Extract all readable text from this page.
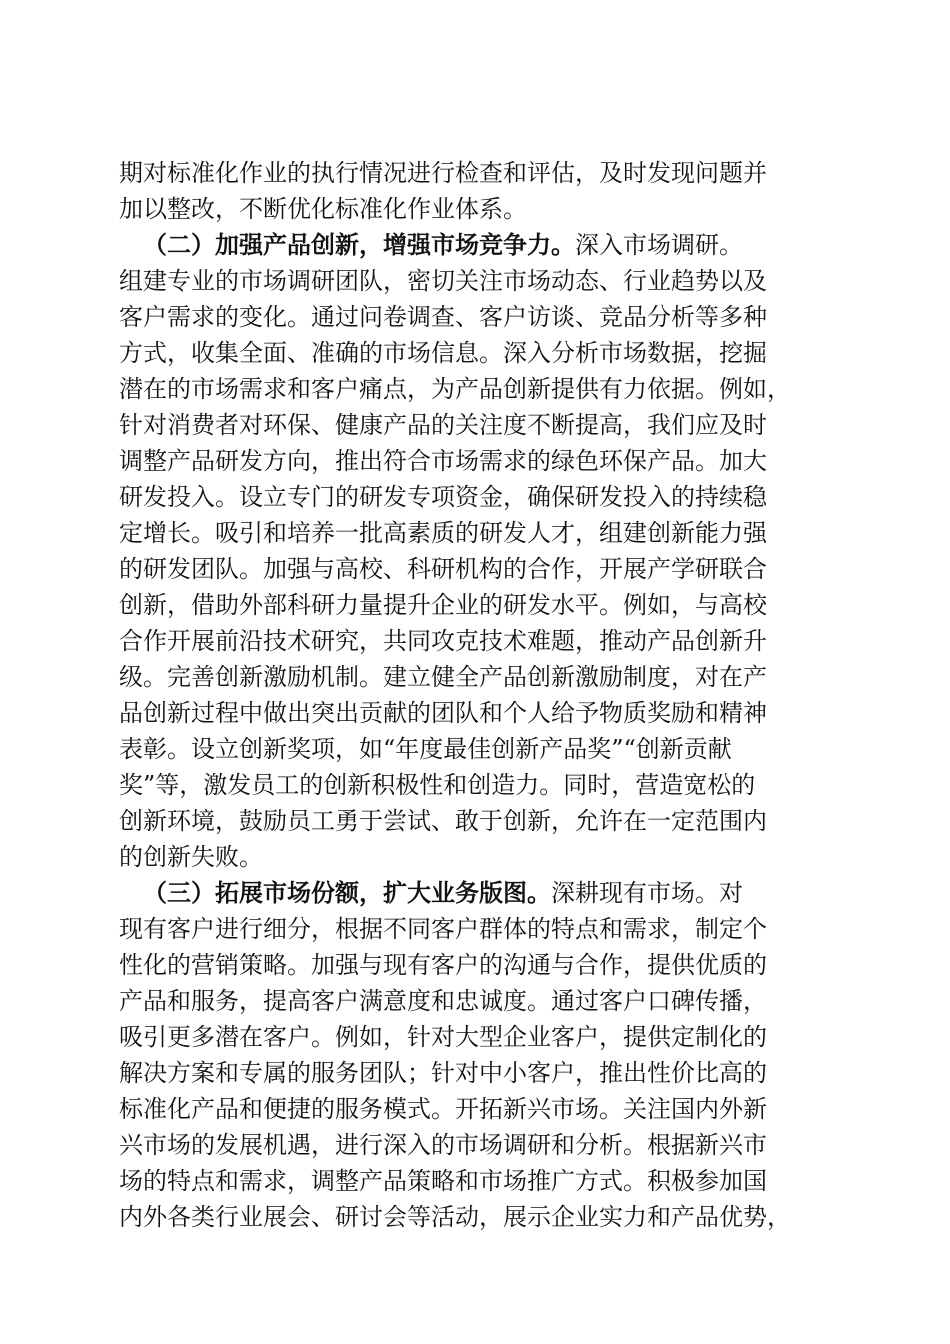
期对标准化作业的执行情况进行检查和评估，及时发现问题并

加以整改，不断优化标准化作业体系。

（二）加强产品创新，增强市场竞争力。深入市场调研。

组建专业的市场调研团队，密切关注市场动态、行业趋势以及

客户需求的变化。通过问卷调查、客户访谈、竞品分析等多种

方式，收集全面、准确的市场信息。深入分析市场数据，挖掘

潜在的市场需求和客户痛点，为产品创新提供有力依据。例如，

针对消费者对环保、健康产品的关注度不断提高，我们应及时

调整产品研发方向，推出符合市场需求的绿色环保产品。加大

研发投入。设立专门的研发专项资金，确保研发投入的持续稳

定增长。吸引和培养一批高素质的研发人才，组建创新能力强

的研发团队。加强与高校、科研机构的合作，开展产学研联合

创新，借助外部科研力量提升企业的研发水平。例如，与高校

合作开展前沿技术研究，共同攻克技术难题，推动产品创新升

级。完善创新激励机制。建立健全产品创新激励制度，对在产

品创新过程中做出突出贡献的团队和个人给予物质奖励和精神

表彰。设立创新奖项，如“年度最佳创新产品奖”“创新贡献

奖”等，激发员工的创新积极性和创造力。同时，营造宽松的

创新环境，鼓励员工勇于尝试、敢于创新，允许在一定范围内

的创新失败。

（三）拓展市场份额，扩大业务版图。深耕现有市场。对

现有客户进行细分，根据不同客户群体的特点和需求，制定个

性化的营销策略。加强与现有客户的沟通与合作，提供优质的

产品和服务，提高客户满意度和忠诚度。通过客户口碑传播，

吸引更多潜在客户。例如，针对大型企业客户，提供定制化的

解决方案和专属的服务团队；针对中小客户，推出性价比高的

标准化产品和便捷的服务模式。开拓新兴市场。关注国内外新

兴市场的发展机遇，进行深入的市场调研和分析。根据新兴市

场的特点和需求，调整产品策略和市场推广方式。积极参加国

内外各类行业展会、研讨会等活动，展示企业实力和产品优势，
